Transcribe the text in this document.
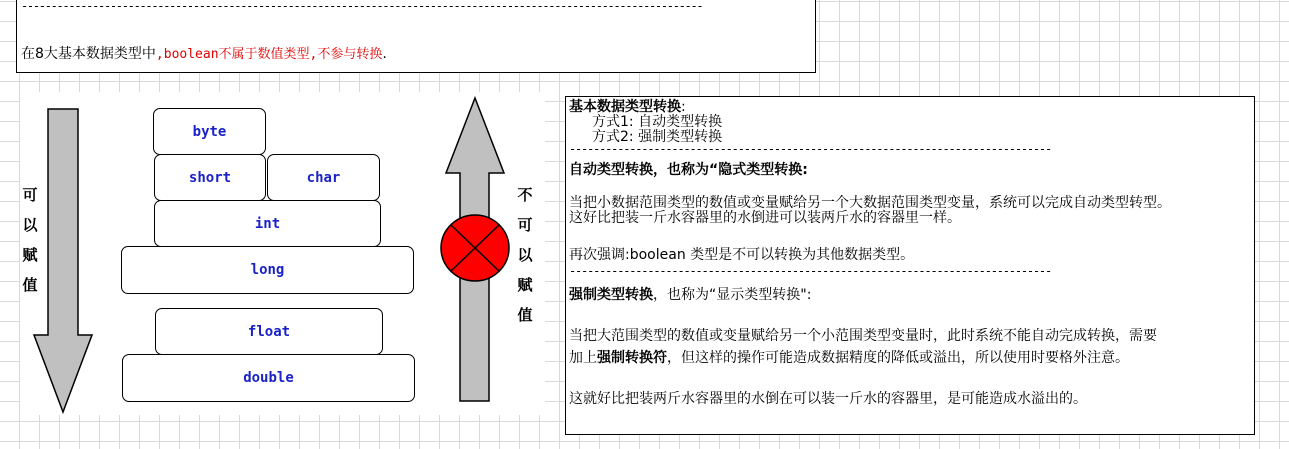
-------------------------------------------------------------------------------------------------------------------
在8大基本数据类型中,boolean不属于数值类型,不参与转换.
可
以
赋
值
不
可
以
赋
值
byte
short	char
int
long
float
double
基本数据类型转换:
方式1: 自动类型转换
方式2: 强制类型转换
--------------------------------------------------------------------------------
自动类型转换，也称为“隐式类型转换:
当把小数据范围类型的数值或变量赋给另一个大数据范围类型变量，系统可以完成自动类型转型。
这好比把装一斤水容器里的水倒进可以装两斤水的容器里一样。
再次强调:boolean 类型是不可以转换为其他数据类型。
--------------------------------------------------------------------------------
强制类型转换，也称为“显示类型转换":
当把大范围类型的数值或变量赋给另一个小范围类型变量时，此时系统不能自动完成转换，需要
加上强制转换符，但这样的操作可能造成数据精度的降低或溢出，所以使用时要格外注意。
这就好比把装两斤水容器里的水倒在可以装一斤水的容器里，是可能造成水溢出的。
